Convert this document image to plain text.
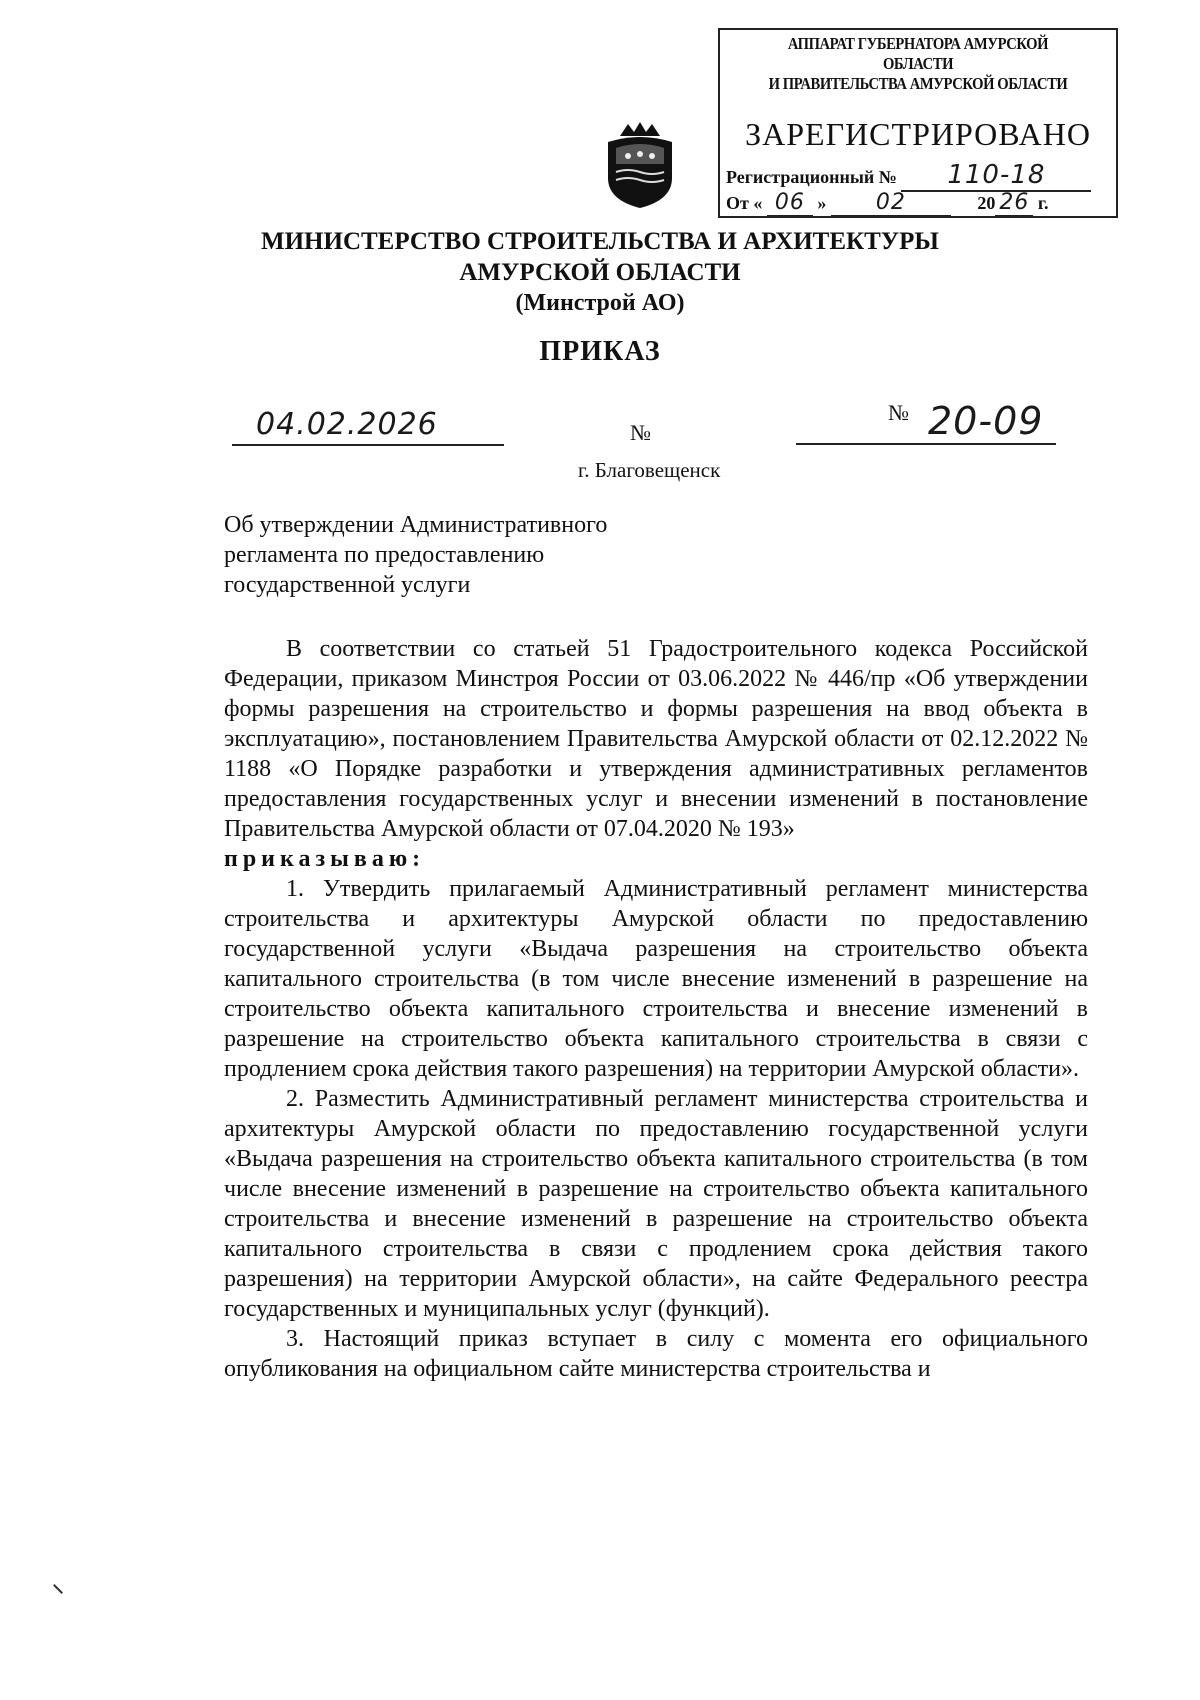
АППАРАТ ГУБЕРНАТОРА АМУРСКОЙ ОБЛАСТИ
И ПРАВИТЕЛЬСТВА АМУРСКОЙ ОБЛАСТИ
ЗАРЕГИСТРИРОВАНО
Регистрационный № 110-18
От « 06 » 02	20 26 г.
МИНИСТЕРСТВО СТРОИТЕЛЬСТВА И АРХИТЕКТУРЫ
АМУРСКОЙ ОБЛАСТИ
(Минстрой АО)
ПРИКАЗ
04.02.2026	№
№ 20-09
г. Благовещенск
Об утверждении Административного
регламента по предоставлению
государственной услуги

В соответствии со статьей 51 Градостроительного кодекса Российской Федерации, приказом Минстроя России от 03.06.2022 № 446/пр «Об утверждении формы разрешения на строительство и формы разрешения на ввод объекта в эксплуатацию», постановлением Правительства Амурской области от 02.12.2022 № 1188 «О Порядке разработки и утверждения административных регламентов предоставления государственных услуг и внесении изменений в постановление Правительства Амурской области от 07.04.2020 № 193»

приказываю:

1. Утвердить прилагаемый Административный регламент министерства строительства и архитектуры Амурской области по предоставлению государственной услуги «Выдача разрешения на строительство объекта капитального строительства (в том числе внесение изменений в разрешение на строительство объекта капитального строительства и внесение изменений в разрешение на строительство объекта капитального строительства в связи с продлением срока действия такого разрешения) на территории Амурской области».

2. Разместить Административный регламент министерства строительства и архитектуры Амурской области по предоставлению государственной услуги «Выдача разрешения на строительство объекта капитального строительства (в том числе внесение изменений в разрешение на строительство объекта капитального строительства и внесение изменений в разрешение на строительство объекта капитального строительства в связи с продлением срока действия такого разрешения) на территории Амурской области», на сайте Федерального реестра государственных и муниципальных услуг (функций).

3. Настоящий приказ вступает в силу с момента его официального опубликования на официальном сайте министерства строительства и
